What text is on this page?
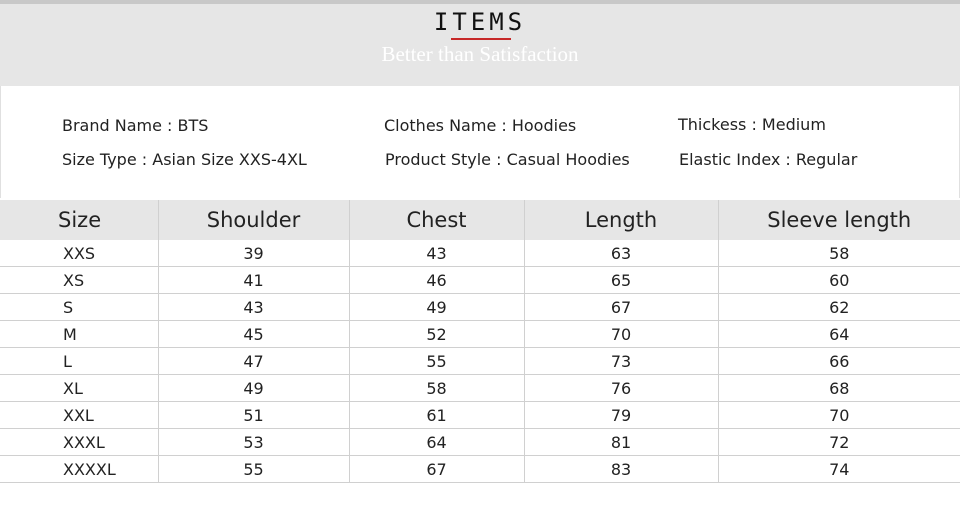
ITEMS
Better than Satisfaction
Brand Name : BTS
Size Type : Asian Size XXS-4XL
Clothes Name : Hoodies
Product Style : Casual Hoodies
Thickess : Medium
Elastic Index : Regular
Size	Shoulder	Chest	Length	Sleeve length
XXS	39	43	63	58
XS	41	46	65	60
S	43	49	67	62
M	45	52	70	64
L	47	55	73	66
XL	49	58	76	68
XXL	51	61	79	70
XXXL	53	64	81	72
XXXXL	55	67	83	74
